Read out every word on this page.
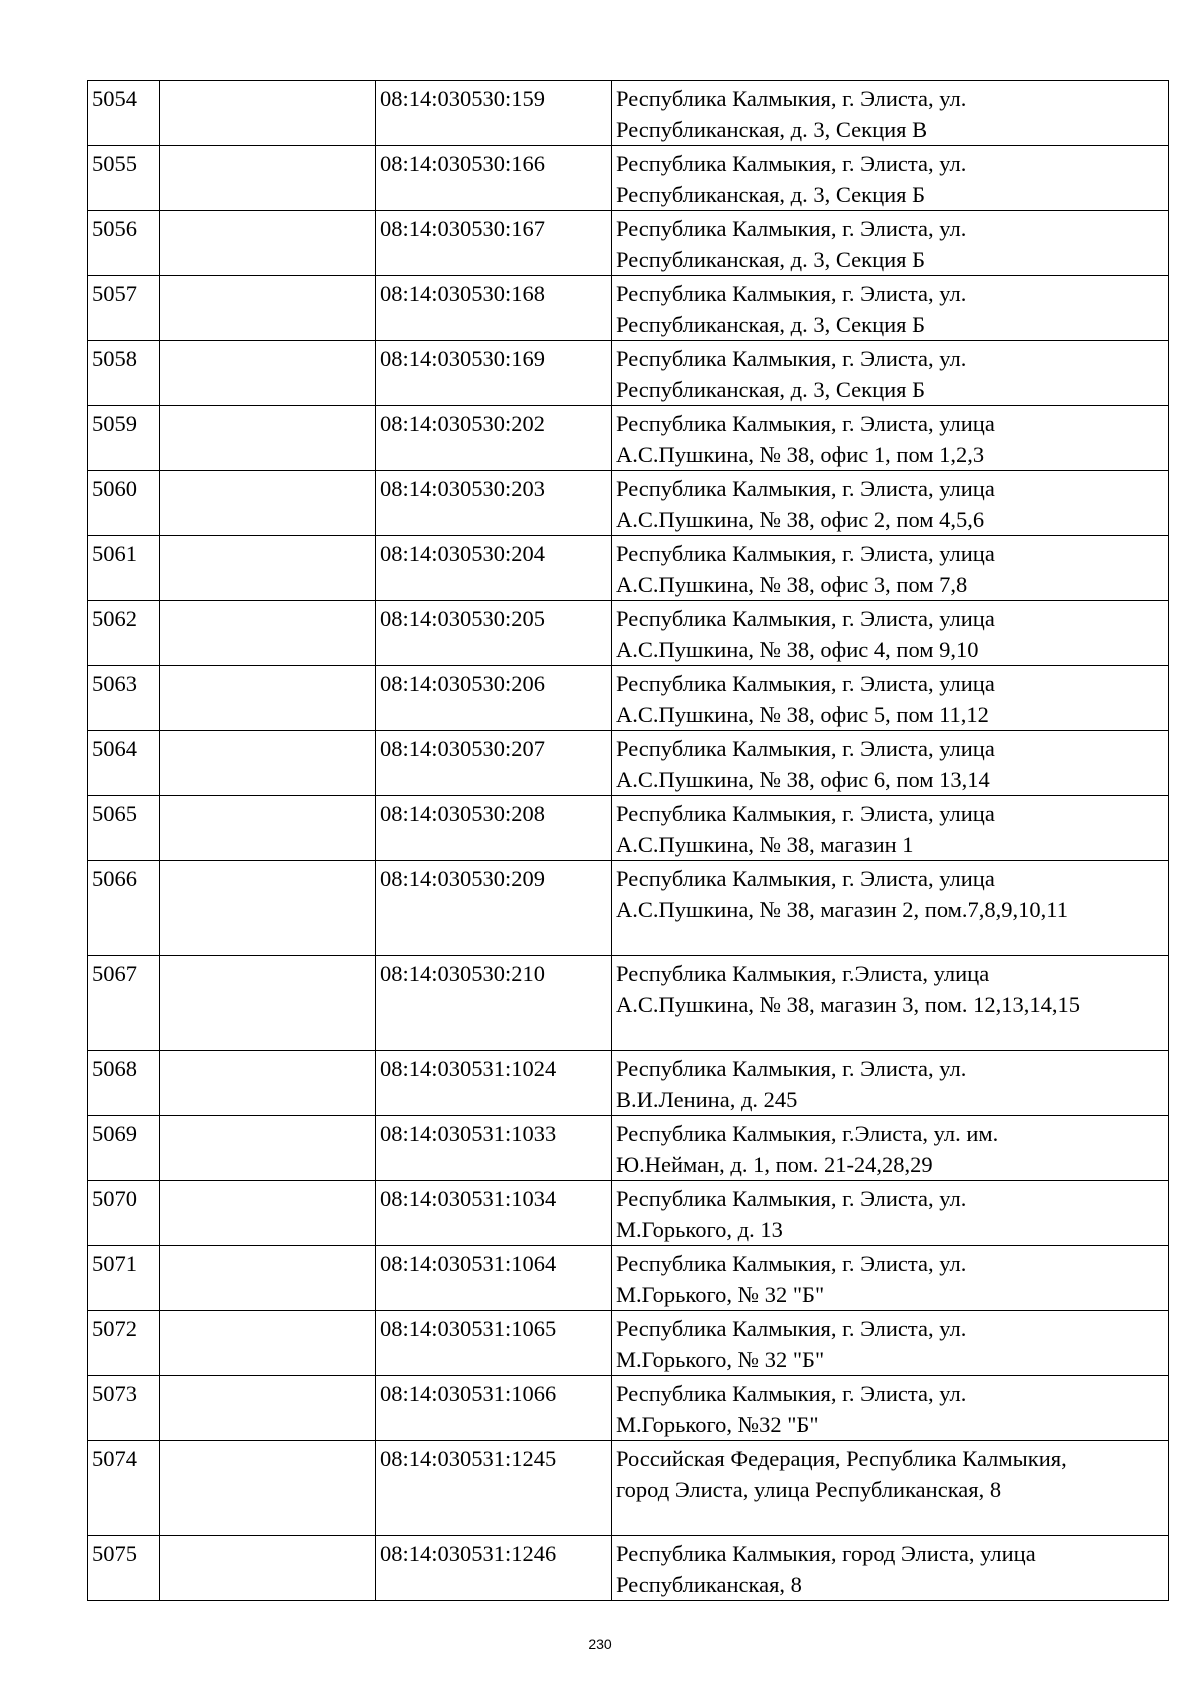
5054		08:14:030530:159	Республика Калмыкия, г. Элиста, ул.
Республиканская, д. 3, Секция В

5055		08:14:030530:166	Республика Калмыкия, г. Элиста, ул.
Республиканская, д. 3, Секция Б

5056		08:14:030530:167	Республика Калмыкия, г. Элиста, ул.
Республиканская, д. 3, Секция Б

5057		08:14:030530:168	Республика Калмыкия, г. Элиста, ул.
Республиканская, д. 3, Секция Б

5058		08:14:030530:169	Республика Калмыкия, г. Элиста, ул.
Республиканская, д. 3, Секция Б

5059		08:14:030530:202	Республика Калмыкия, г. Элиста, улица
А.С.Пушкина, № 38, офис 1, пом 1,2,3

5060		08:14:030530:203	Республика Калмыкия, г. Элиста, улица
А.С.Пушкина, № 38, офис 2, пом 4,5,6

5061		08:14:030530:204	Республика Калмыкия, г. Элиста, улица
А.С.Пушкина, № 38, офис 3, пом 7,8

5062		08:14:030530:205	Республика Калмыкия, г. Элиста, улица
А.С.Пушкина, № 38, офис 4, пом 9,10

5063		08:14:030530:206	Республика Калмыкия, г. Элиста, улица
А.С.Пушкина, № 38, офис 5, пом 11,12

5064		08:14:030530:207	Республика Калмыкия, г. Элиста, улица
А.С.Пушкина, № 38, офис 6, пом 13,14

5065		08:14:030530:208	Республика Калмыкия, г. Элиста, улица
А.С.Пушкина, № 38, магазин 1

5066		08:14:030530:209	Республика Калмыкия, г. Элиста, улица
А.С.Пушкина, № 38, магазин 2, пом.7,8,9,10,11

5067		08:14:030530:210	Республика Калмыкия, г.Элиста, улица
А.С.Пушкина, № 38, магазин 3, пом. 12,13,14,15

5068		08:14:030531:1024	Республика Калмыкия, г. Элиста, ул.
В.И.Ленина, д. 245

5069		08:14:030531:1033	Республика Калмыкия, г.Элиста, ул. им.
Ю.Нейман, д. 1, пом. 21-24,28,29

5070		08:14:030531:1034	Республика Калмыкия, г. Элиста, ул.
М.Горького, д. 13

5071		08:14:030531:1064	Республика Калмыкия, г. Элиста, ул.
М.Горького, № 32 "Б"

5072		08:14:030531:1065	Республика Калмыкия, г. Элиста, ул.
М.Горького, № 32 "Б"

5073		08:14:030531:1066	Республика Калмыкия, г. Элиста, ул.
М.Горького, №32 "Б"

5074		08:14:030531:1245	Российская Федерация, Республика Калмыкия,
город Элиста, улица Республиканская, 8

5075		08:14:030531:1246	Республика Калмыкия, город Элиста, улица
Республиканская, 8
230
